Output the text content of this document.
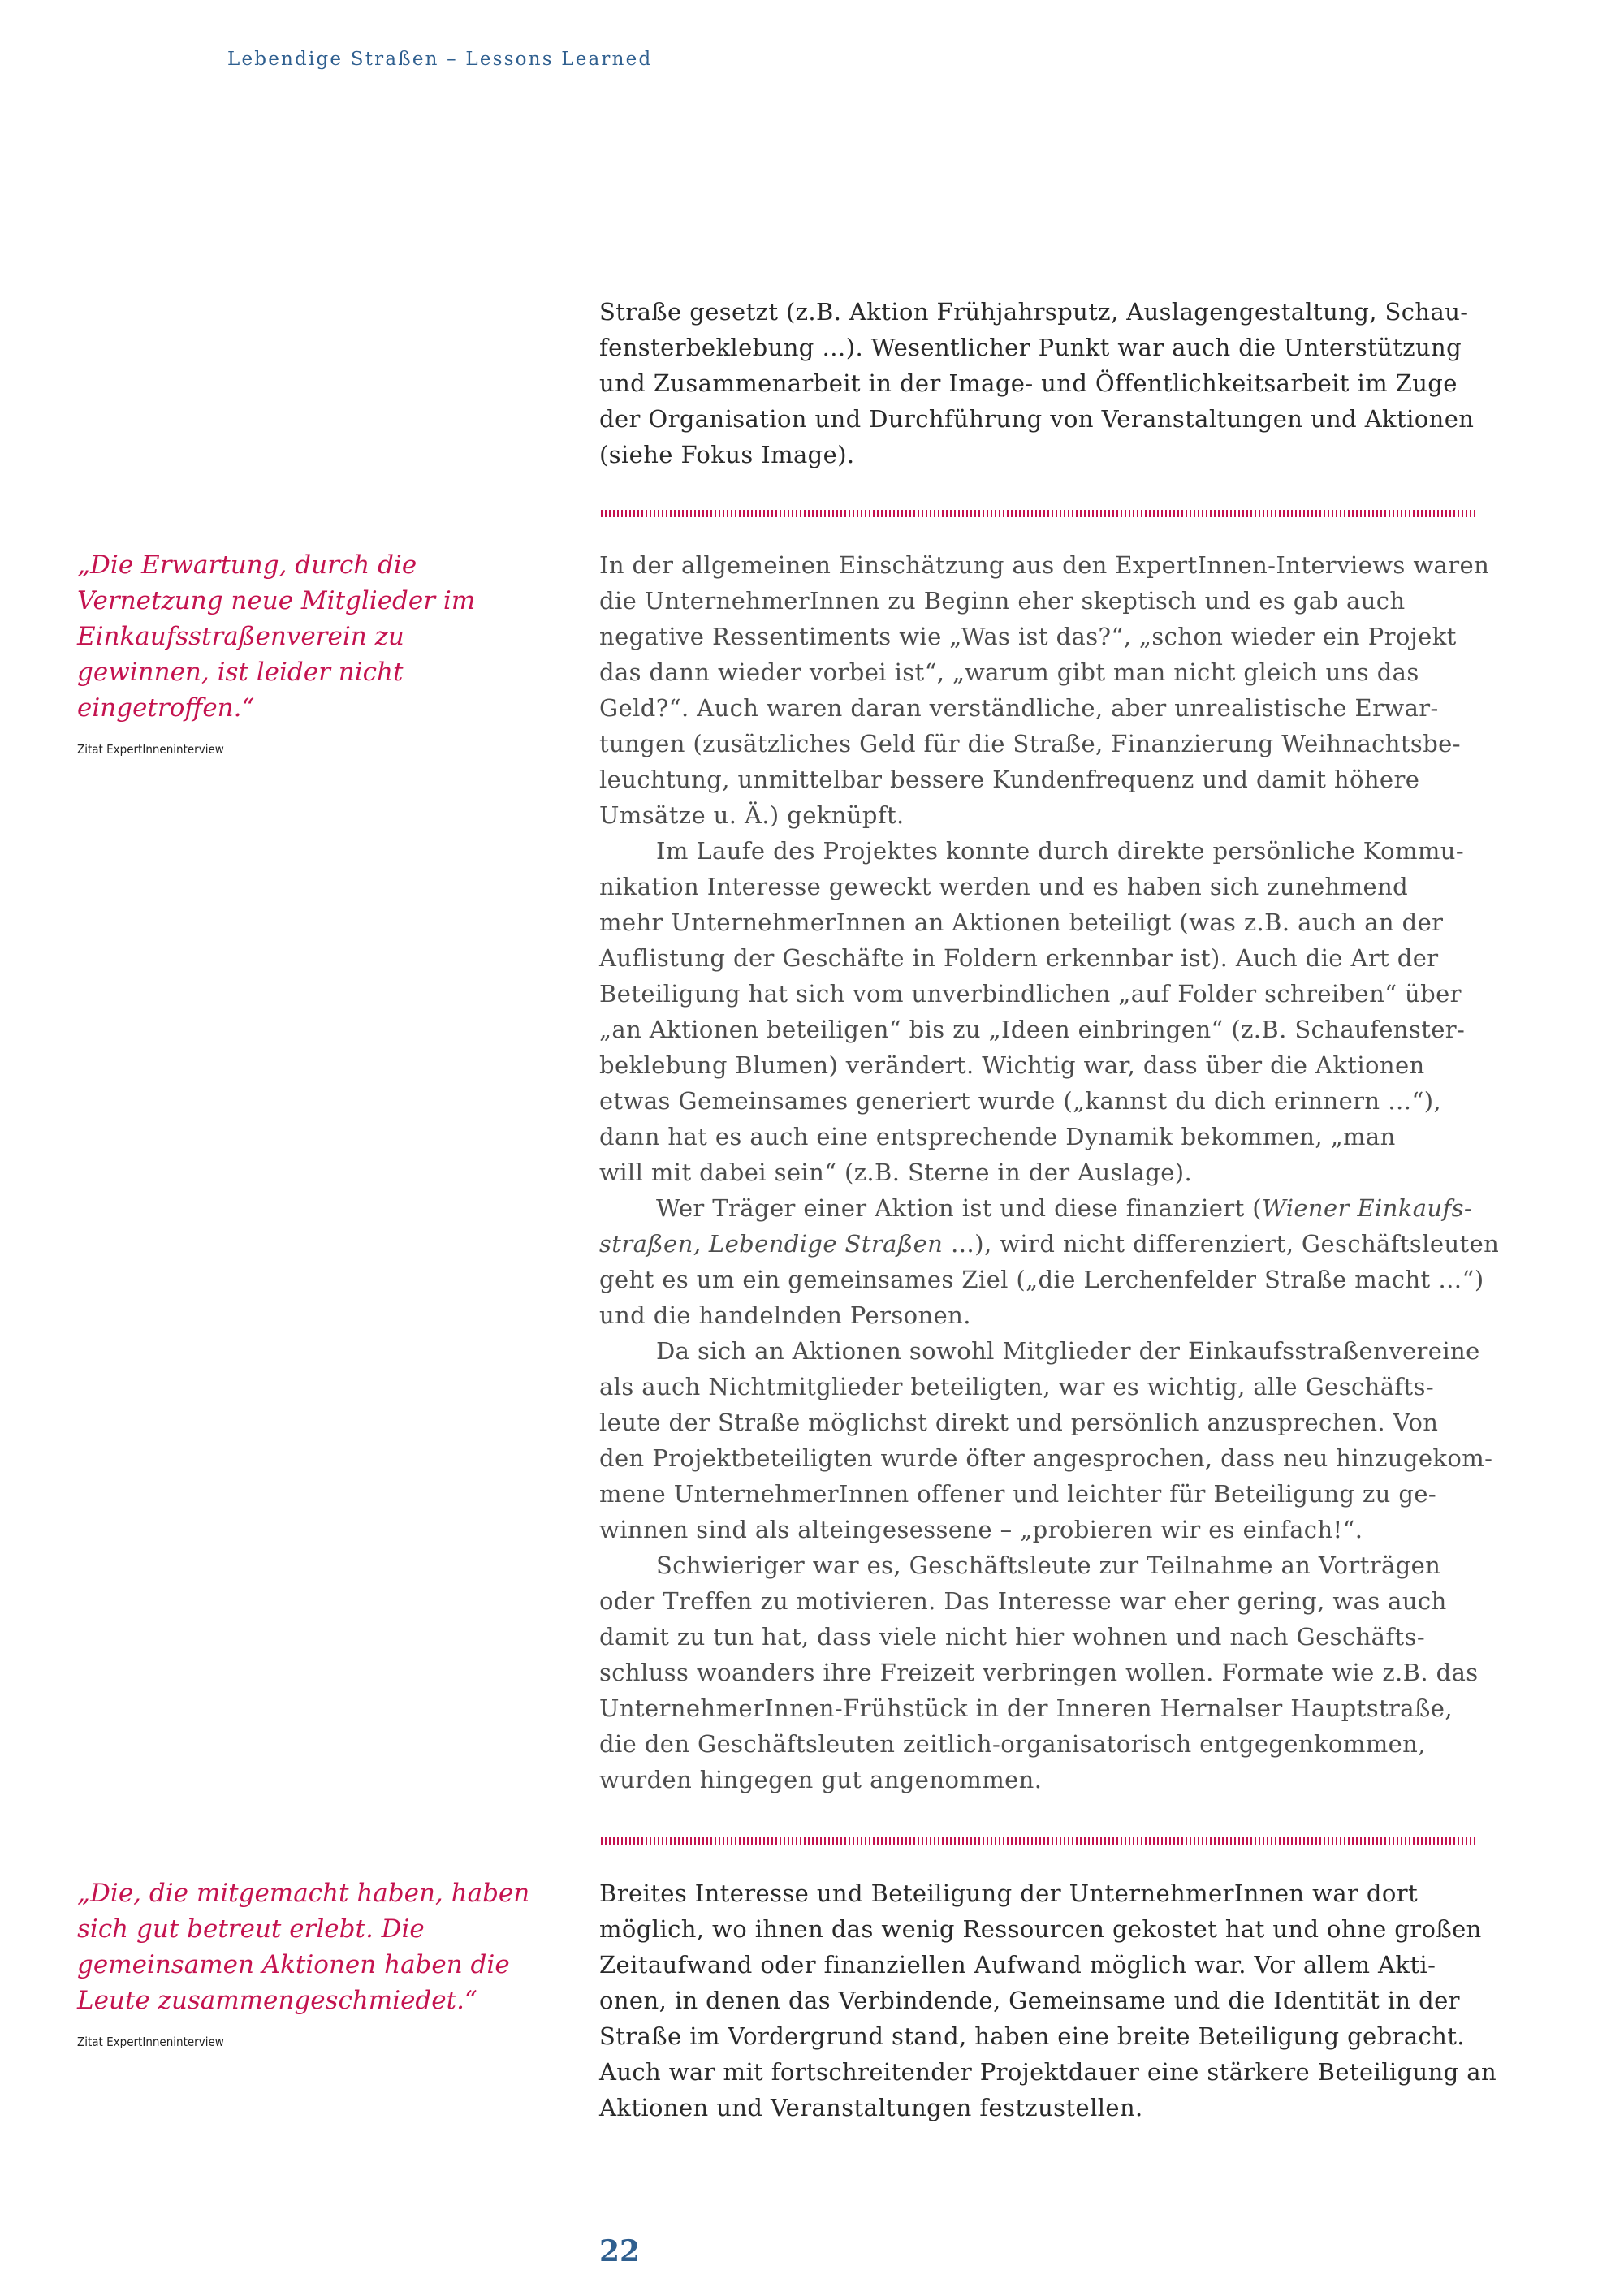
Lebendige Straßen – Lessons Learned

Straße gesetzt (z.B. Aktion Frühjahrsputz, Auslagengestaltung, Schau-
fensterbeklebung …). Wesentlicher Punkt war auch die Unterstützung
und Zusammenarbeit in der Image- und Öffentlichkeitsarbeit im Zuge
der Organisation und Durchführung von Veranstaltungen und Aktionen
(siehe Fokus Image).

„Die Erwartung, durch die
Vernetzung neue Mitglieder im
Einkaufsstraßenverein zu
gewinnen, ist leider nicht
eingetroffen.“

Zitat ExpertInneninterview

In der allgemeinen Einschätzung aus den ExpertInnen-Interviews waren
die UnternehmerInnen zu Beginn eher skeptisch und es gab auch
negative Ressentiments wie „Was ist das?“, „schon wieder ein Projekt
das dann wieder vorbei ist“, „warum gibt man nicht gleich uns das
Geld?“. Auch waren daran verständliche, aber unrealistische Erwar-
tungen (zusätzliches Geld für die Straße, Finanzierung Weihnachtsbe-
leuchtung, unmittelbar bessere Kundenfrequenz und damit höhere
Umsätze u. Ä.) geknüpft.

Im Laufe des Projektes konnte durch direkte persönliche Kommu-
nikation Interesse geweckt werden und es haben sich zunehmend
mehr UnternehmerInnen an Aktionen beteiligt (was z.B. auch an der
Auflistung der Geschäfte in Foldern erkennbar ist). Auch die Art der
Beteiligung hat sich vom unverbindlichen „auf Folder schreiben“ über
„an Aktionen beteiligen“ bis zu „Ideen einbringen“ (z.B. Schaufenster-
beklebung Blumen) verändert. Wichtig war, dass über die Aktionen
etwas Gemeinsames generiert wurde („kannst du dich erinnern …“),
dann hat es auch eine entsprechende Dynamik bekommen, „man
will mit dabei sein“ (z.B. Sterne in der Auslage).

Wer Träger einer Aktion ist und diese finanziert (Wiener Einkaufs-
straßen, Lebendige Straßen …), wird nicht differenziert, Geschäftsleuten
geht es um ein gemeinsames Ziel („die Lerchenfelder Straße macht …“)
und die handelnden Personen.

Da sich an Aktionen sowohl Mitglieder der Einkaufsstraßenvereine
als auch Nichtmitglieder beteiligten, war es wichtig, alle Geschäfts-
leute der Straße möglichst direkt und persönlich anzusprechen. Von
den Projektbeteiligten wurde öfter angesprochen, dass neu hinzugekom-
mene UnternehmerInnen offener und leichter für Beteiligung zu ge-
winnen sind als alteingesessene – „probieren wir es einfach!“.

Schwieriger war es, Geschäftsleute zur Teilnahme an Vorträgen
oder Treffen zu motivieren. Das Interesse war eher gering, was auch
damit zu tun hat, dass viele nicht hier wohnen und nach Geschäfts-
schluss woanders ihre Freizeit verbringen wollen. Formate wie z.B. das
UnternehmerInnen-Frühstück in der Inneren Hernalser Hauptstraße,
die den Geschäftsleuten zeitlich-organisatorisch entgegenkommen,
wurden hingegen gut angenommen.

„Die, die mitgemacht haben, haben
sich gut betreut erlebt. Die
gemeinsamen Aktionen haben die
Leute zusammengeschmiedet.“

Zitat ExpertInneninterview

Breites Interesse und Beteiligung der UnternehmerInnen war dort
möglich, wo ihnen das wenig Ressourcen gekostet hat und ohne großen
Zeitaufwand oder finanziellen Aufwand möglich war. Vor allem Akti-
onen, in denen das Verbindende, Gemeinsame und die Identität in der
Straße im Vordergrund stand, haben eine breite Beteiligung gebracht.
Auch war mit fortschreitender Projektdauer eine stärkere Beteiligung an
Aktionen und Veranstaltungen festzustellen.

22
